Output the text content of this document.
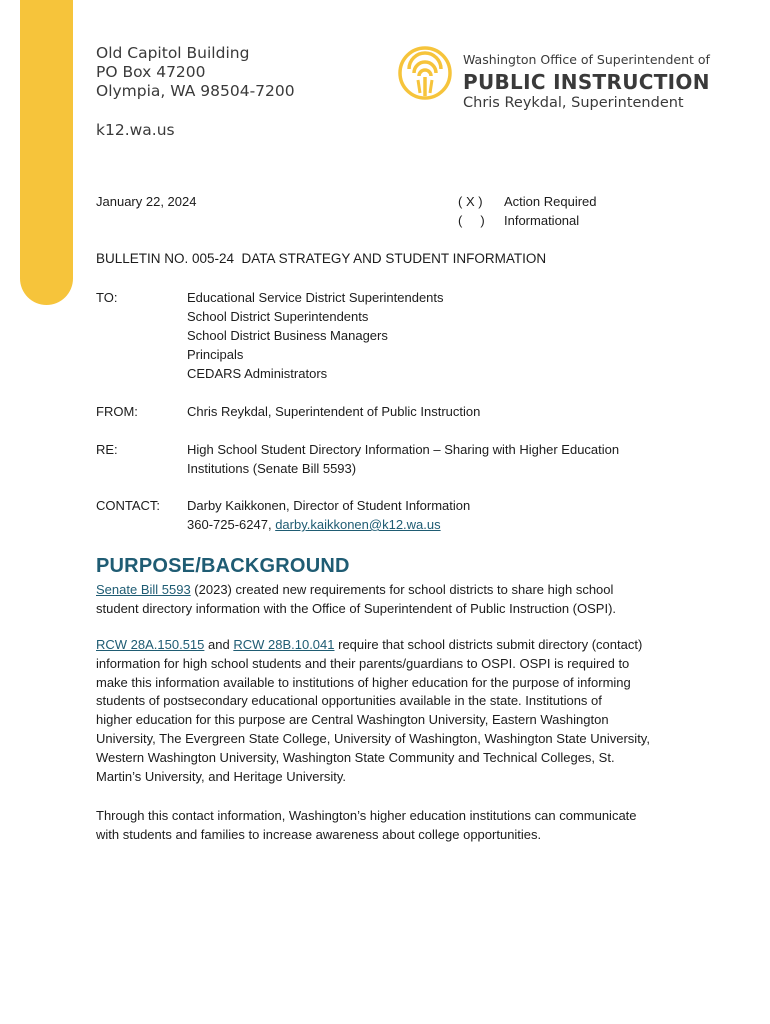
Old Capitol Building
PO Box 47200
Olympia, WA 98504-7200
k12.wa.us
Washington Office of Superintendent of
PUBLIC INSTRUCTION
Chris Reykdal, Superintendent
January 22, 2024	( X ) Action Required
(     ) Informational
BULLETIN NO. 005-24  DATA STRATEGY AND STUDENT INFORMATION
TO:	Educational Service District Superintendents
School District Superintendents
School District Business Managers
Principals
CEDARS Administrators
FROM:	Chris Reykdal, Superintendent of Public Instruction
RE:	High School Student Directory Information – Sharing with Higher Education
Institutions (Senate Bill 5593)
CONTACT: Darby Kaikkonen, Director of Student Information
360-725-6247, darby.kaikkonen@k12.wa.us
PURPOSE/BACKGROUND
Senate Bill 5593 (2023) created new requirements for school districts to share high school
student directory information with the Office of Superintendent of Public Instruction (OSPI).
RCW 28A.150.515 and RCW 28B.10.041 require that school districts submit directory (contact)
information for high school students and their parents/guardians to OSPI. OSPI is required to
make this information available to institutions of higher education for the purpose of informing
students of postsecondary educational opportunities available in the state. Institutions of
higher education for this purpose are Central Washington University, Eastern Washington
University, The Evergreen State College, University of Washington, Washington State University,
Western Washington University, Washington State Community and Technical Colleges, St.
Martin’s University, and Heritage University.
Through this contact information, Washington’s higher education institutions can communicate
with students and families to increase awareness about college opportunities.
